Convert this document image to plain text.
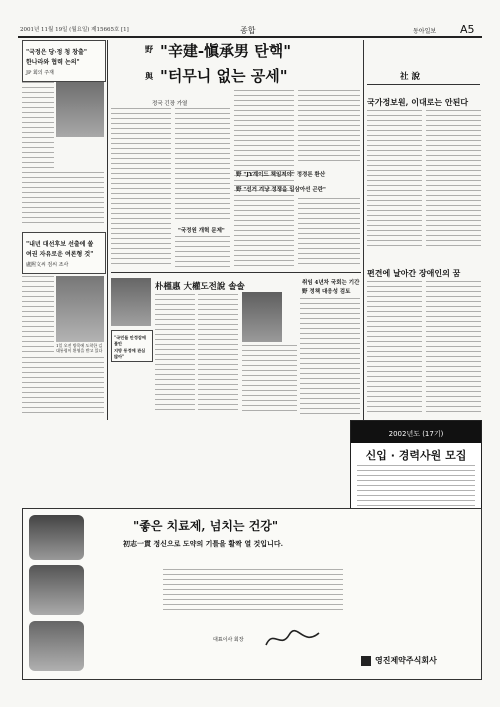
2001년 11월 19일 (월요일) 제15665호 [1]	종합	동아일보 A5
"국정은 당·정 청 창출"
한나라와 협력 논의"
JP 회의 주재
"내년 대선후보 선출에 쏠
여권 자유로운 여론형 것"
盧熙文씨 검씨 조사
1일 오전 방콕에 도착한 김대통령이 환영을 받고 있다
野 "辛建-愼承男 탄핵"
與 "터무니 없는 공세"
정국 긴장 가열
"국정원 개혁 문제"
野 "JY계이드 책임져야" 정경론 환산
野 "선거 겨냥 정쟁을 일삼아선 곤란"
"국민들 안정감에 불안
지방 동정에 관심 많아"
朴槿惠 大權도전說 솔솔	취임 4년차 국회는 기간
野 정책 대응성 검토
社 說
국가정보원, 이대로는 안된다
편견에 날아간 장애인의 꿈
2002년도 (17기)
신입 · 경력사원 모집
"좋은 치료제, 넘치는 건강"
初志一貫 정신으로 도약의 기틀을 활짝 열 것입니다.
대표이사 회장
영진제약주식회사
